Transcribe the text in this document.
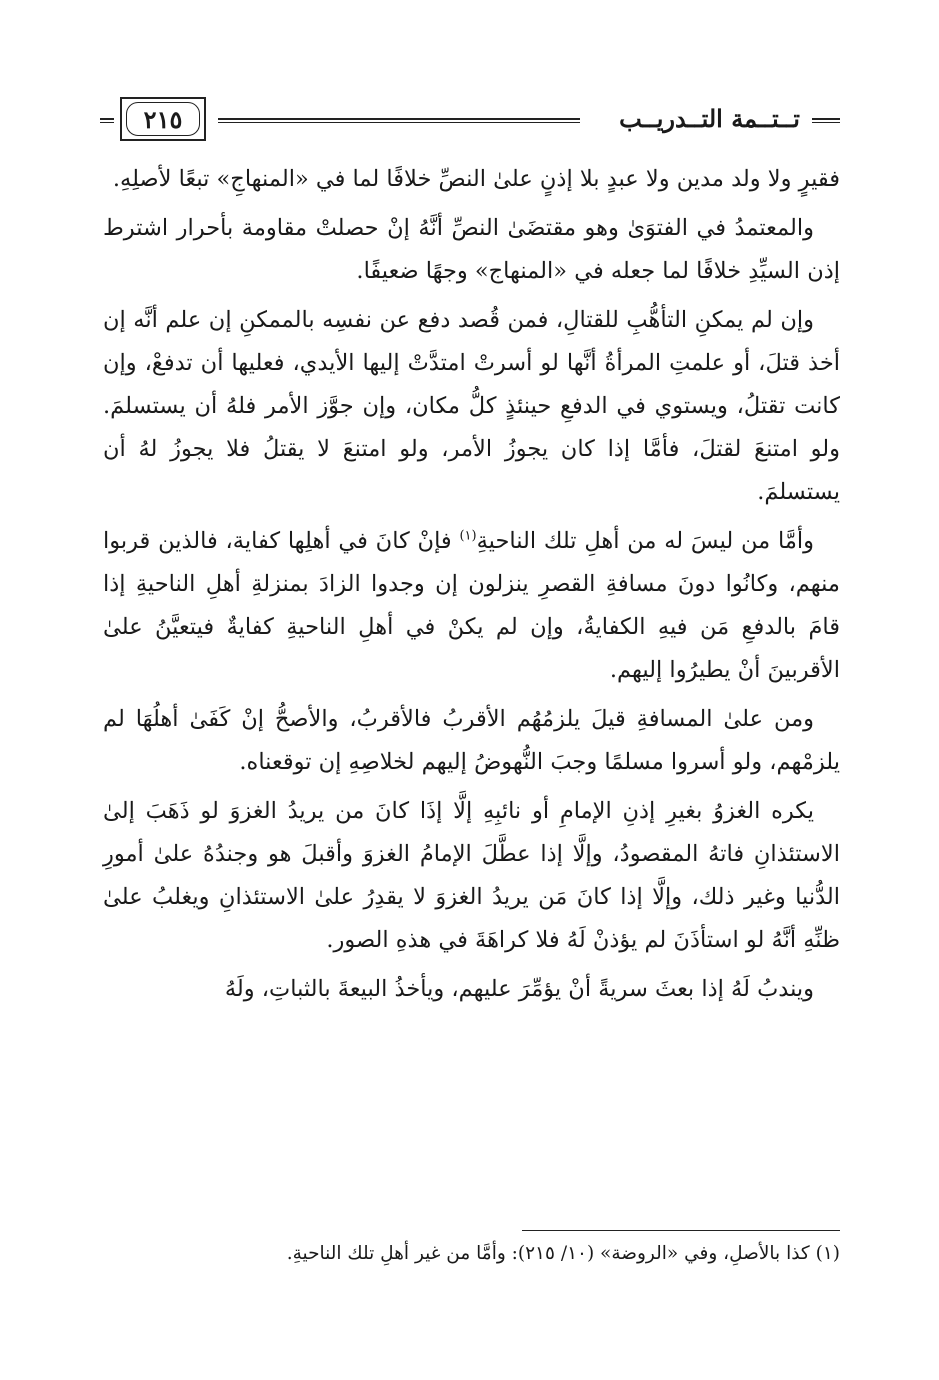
٢١٥	تــتــمة التــدريــب

فقيرٍ ولا ولد مدين ولا عبدٍ بلا إذنٍ علىٰ النصِّ خلافًا لما في «المنهاجِ» تبعًا لأصلِهِ.

والمعتمدُ في الفتوَىٰ وهو مقتضَىٰ النصِّ أنَّهُ إنْ حصلتْ مقاومة بأحرار اشترط إذن السيِّدِ خلافًا لما جعله في «المنهاج» وجهًا ضعيفًا.

وإن لم يمكنِ التأهُّبِ للقتالِ، فمن قُصد دفع عن نفسِه بالممكنِ إن علم أنَّه إن أخذ قتلَ، أو علمتِ المرأةُ أنَّها لو أسرتْ امتدَّتْ إليها الأيدي، فعليها أن تدفعْ، وإن كانت تقتلُ، ويستوي في الدفعِ حينئذٍ كلُّ مكان، وإن جوَّز الأمر فلهُ أن يستسلمَ. ولو امتنعَ لقتلَ، فأمَّا إذا كان يجوزُ الأمر، ولو امتنعَ لا يقتلُ فلا يجوزُ لهُ أن يستسلمَ.

وأمَّا من ليسَ له من أهلِ تلك الناحيةِ$^{(١)}$ فإنْ كانَ في أهلِها كفاية، فالذين قربوا منهم، وكانُوا دونَ مسافةِ القصرِ ينزلون إن وجدوا الزادَ بمنزلةِ أهلِ الناحيةِ إذا قامَ بالدفعِ مَن فيهِ الكفايةُ، وإن لم يكنْ في أهلِ الناحيةِ كفايةٌ فيتعيَّنُ علىٰ الأقربينَ أنْ يطيرُوا إليهم.

ومن علىٰ المسافةِ قيلَ يلزمُهُم الأقربُ فالأقربُ، والأصحُّ إنْ كَفَىٰ أهلُهَا لم يلزمْهم، ولو أسروا مسلمًا وجبَ النُّهوضُ إليهم لخلاصِهِ إن توقعناه.

يكره الغزوُ بغيرِ إذنِ الإمامِ أو نائبِهِ إلَّا إذَا كانَ من يريدُ الغزوَ لو ذَهَبَ إلىٰ الاستئذانِ فاتهُ المقصودُ، وإلَّا إذا عطَّلَ الإمامُ الغزوَ وأقبلَ هو وجندُهُ علىٰ أمورِ الدُّنيا وغير ذلك، وإلَّا إذا كانَ مَن يريدُ الغزوَ لا يقدِرُ علىٰ الاستئذانِ ويغلبُ علىٰ ظنِّهِ أنَّهُ لو استأذَنَ لم يؤذنْ لَهُ فلا كراهَةَ في هذهِ الصور.

ويندبُ لَهُ إذا بعثَ سريةً أنْ يؤمِّرَ عليهم، ويأخذُ البيعةَ بالثباتِ، ولَهُ

(١) كذا بالأصلِ، وفي «الروضة» (١٠/ ٢١٥): وأمَّا من غير أهلِ تلك الناحيةِ.
